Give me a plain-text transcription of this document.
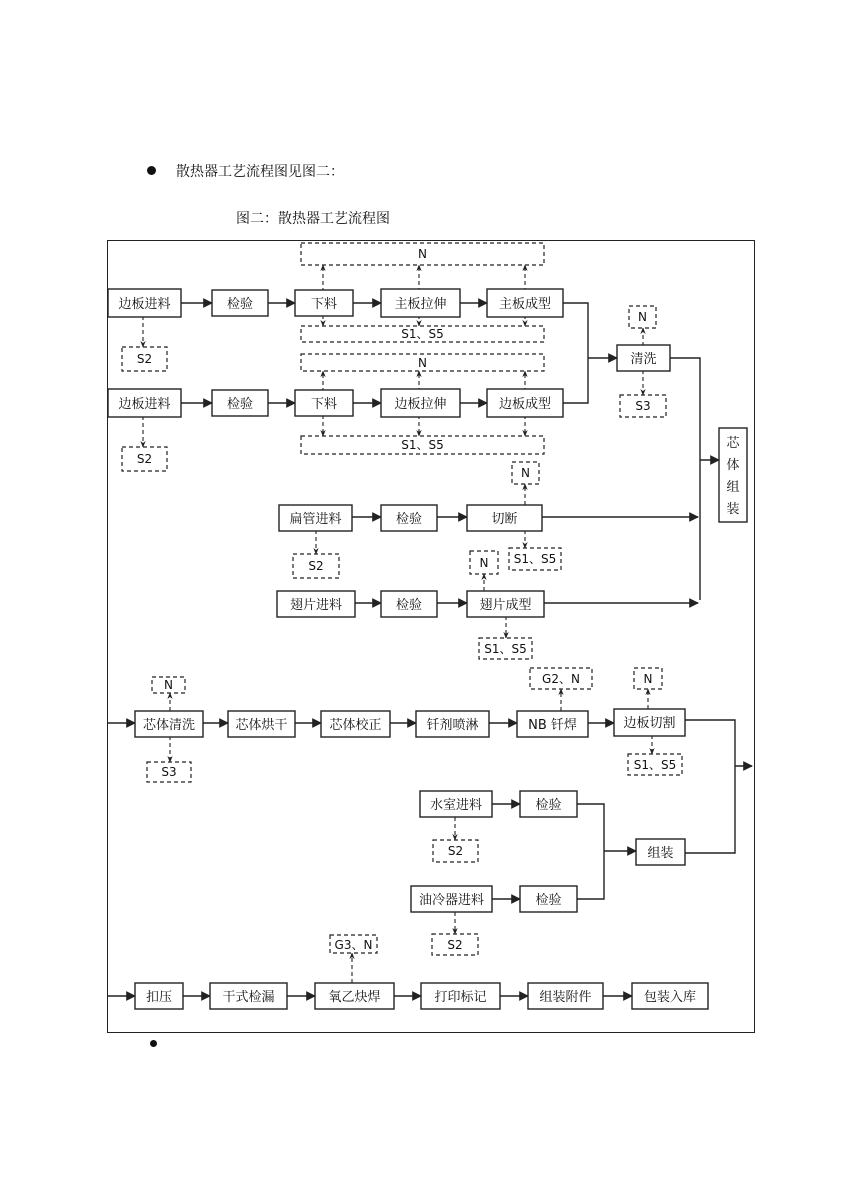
散热器工艺流程图见图二：
图二：散热器工艺流程图
边板进料	检验	下料	主板拉伸	主板成型
边板进料	检验	下料	边板拉伸	边板成型
清洗
芯体组装
扁管进料	检验	切断
翅片进料	检验	翅片成型
芯体清洗	芯体烘干	芯体校正	钎剂喷淋	NB 钎焊	边板切割
水室进料	检验
油冷器进料	检验
组装
扣压	干式检漏	氧乙炔焊	打印标记	组装附件	包装入库
N
S1、S5
S2	N
S1、S5
S2
N
S3
S2
N
S1、S5
N
S1、S5
N
S3
G2、N	N
S1、S5
S2
S2
G3、N
